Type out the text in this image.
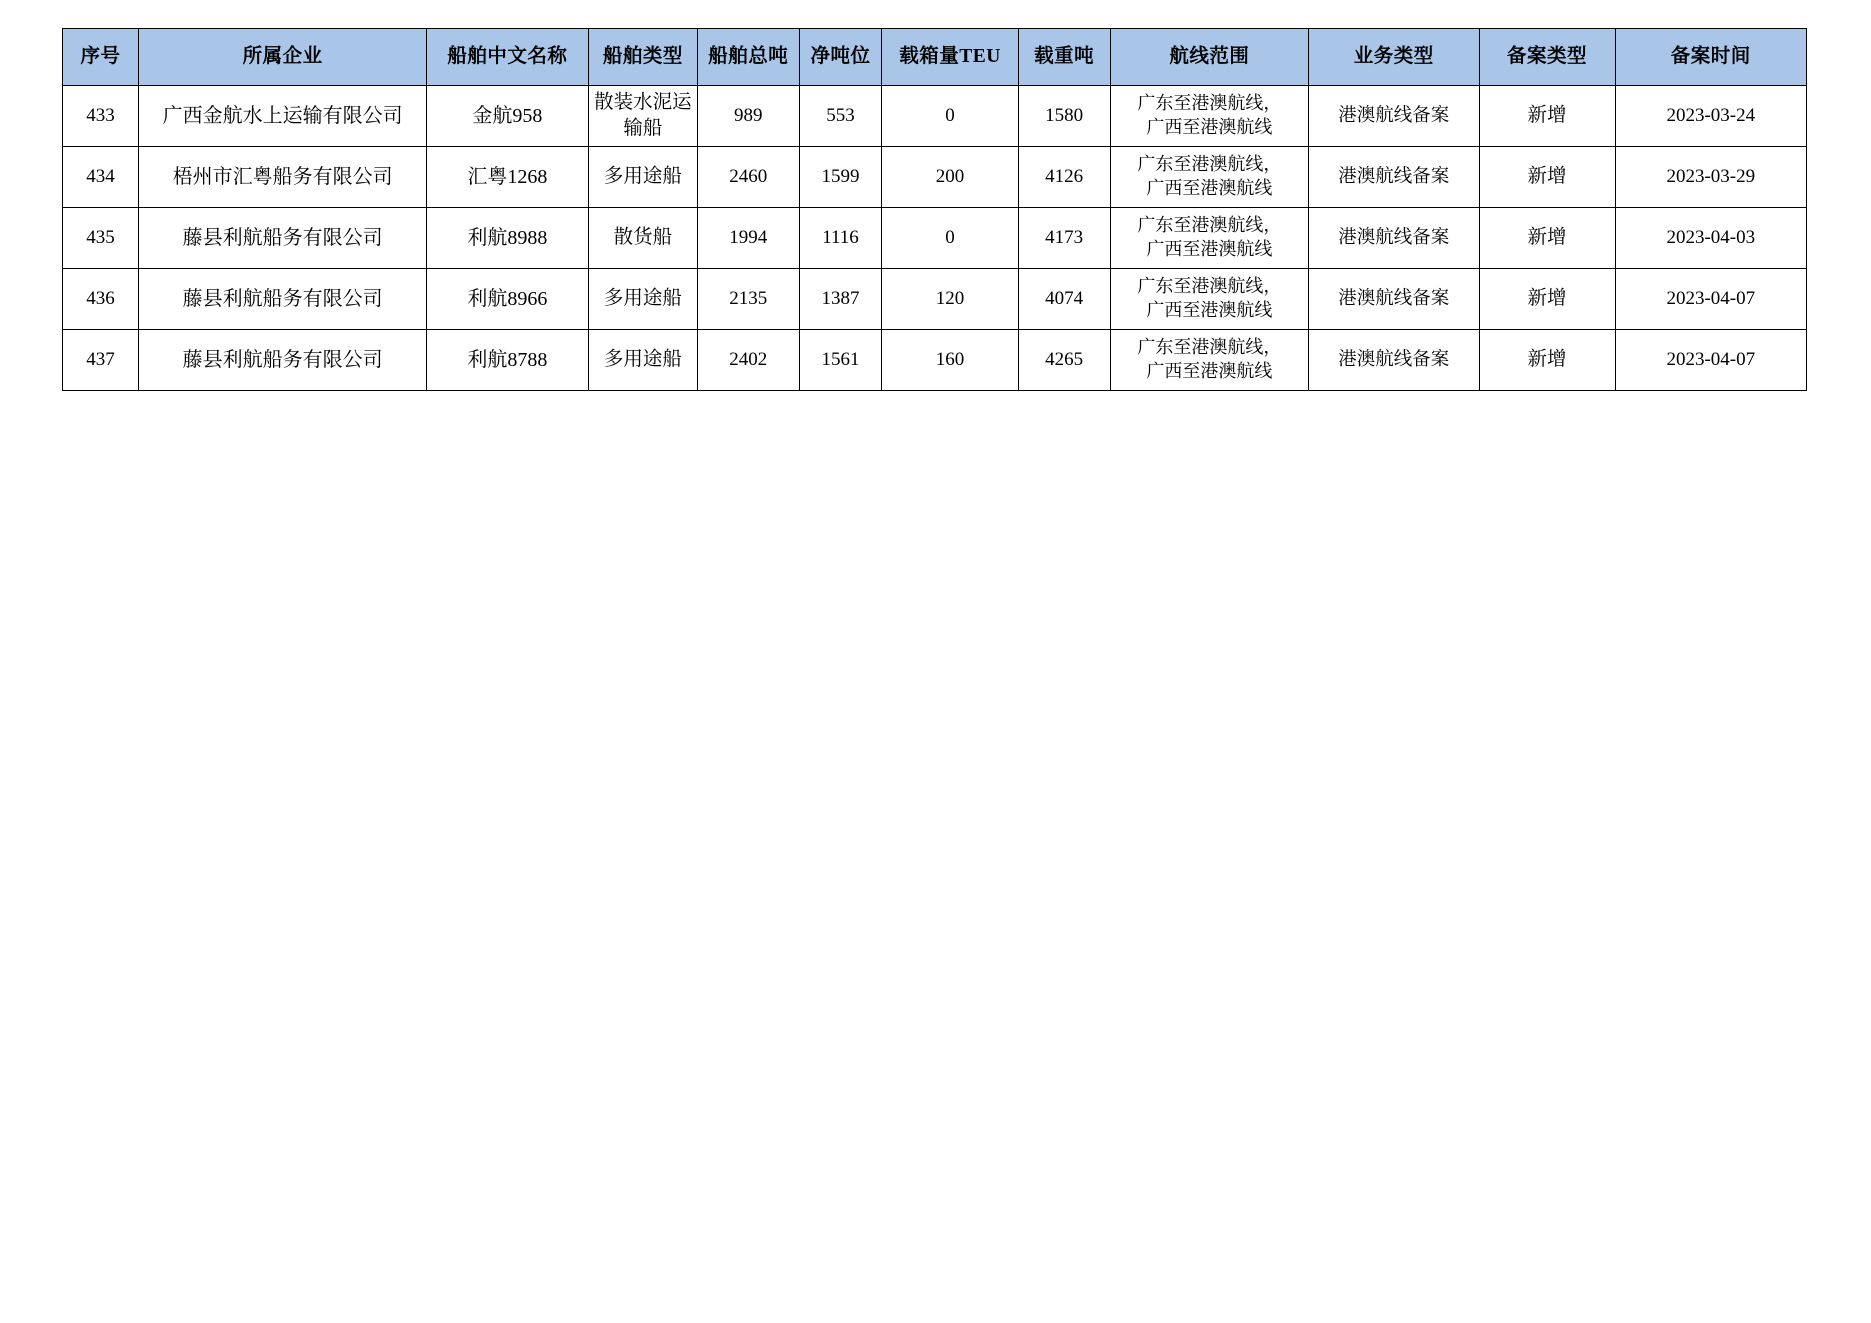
序号	所属企业	船舶中文名称	船舶类型	船舶总吨	净吨位	载箱量TEU	载重吨	航线范围	业务类型	备案类型	备案时间
433	广西金航水上运输有限公司	金航958	散装水泥运输船	989	553	0	1580	广东至港澳航线，
广西至港澳航线	港澳航线备案	新增	2023-03-24
434	梧州市汇粤船务有限公司	汇粤1268	多用途船	2460	1599	200	4126	广东至港澳航线，
广西至港澳航线	港澳航线备案	新增	2023-03-29
435	藤县利航船务有限公司	利航8988	散货船	1994	1116	0	4173	广东至港澳航线，
广西至港澳航线	港澳航线备案	新增	2023-04-03
436	藤县利航船务有限公司	利航8966	多用途船	2135	1387	120	4074	广东至港澳航线，
广西至港澳航线	港澳航线备案	新增	2023-04-07
437	藤县利航船务有限公司	利航8788	多用途船	2402	1561	160	4265	广东至港澳航线，
广西至港澳航线	港澳航线备案	新增	2023-04-07
